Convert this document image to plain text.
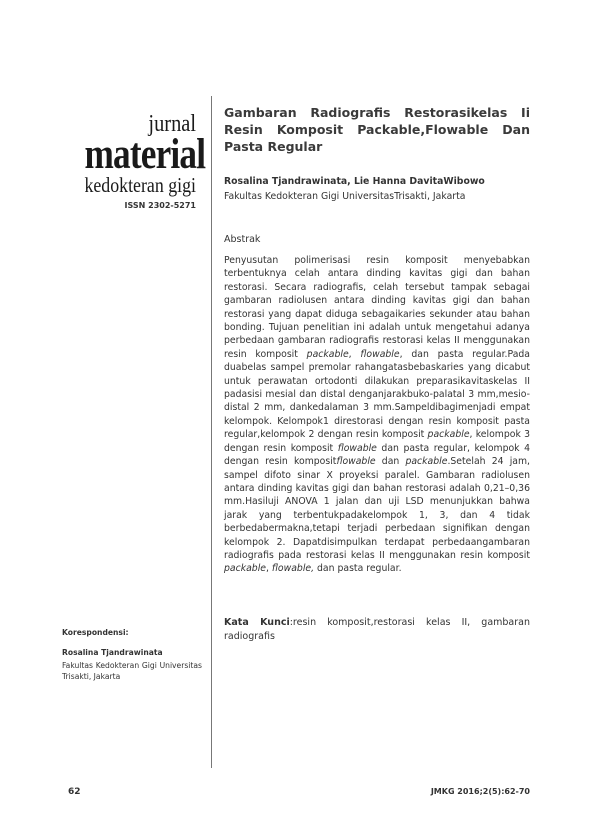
jurnal
material
kedokteran gigi
ISSN 2302-5271
Gambaran Radiografis Restorasikelas Ii Resin Komposit Packable,Flowable Dan Pasta Regular
Rosalina Tjandrawinata, Lie Hanna DavitaWibowo
Fakultas Kedokteran Gigi UniversitasTrisakti, Jakarta
Abstrak
Penyusutan polimerisasi resin komposit menyebabkan terbentuknya celah antara dinding kavitas gigi dan bahan restorasi. Secara radiografis, celah tersebut tampak sebagai gambaran radiolusen antara dinding kavitas gigi dan bahan restorasi yang dapat diduga sebagaikaries sekunder atau bahan bonding. Tujuan penelitian ini adalah untuk mengetahui adanya perbedaan gambaran radiografis restorasi kelas II menggunakan resin komposit packable, flowable, dan pasta regular.Pada duabelas sampel premolar rahangatasbebaskaries yang dicabut untuk perawatan ortodonti dilakukan preparasikavitaskelas II padasisi mesial dan distal denganjarakbuko-palatal 3 mm,mesio-distal 2 mm, dankedalaman 3 mm.Sampeldibagimenjadi empat kelompok. Kelompok1 direstorasi dengan resin komposit pasta regular,kelompok 2 dengan resin komposit packable, kelompok 3 dengan resin komposit flowable dan pasta regular, kelompok 4 dengan resin kompositflowable dan packable.Setelah 24 jam, sampel difoto sinar X proyeksi paralel. Gambaran radiolusen antara dinding kavitas gigi dan bahan restorasi adalah 0,21–0,36 mm.Hasiluji ANOVA 1 jalan dan uji LSD menunjukkan bahwa jarak yang terbentukpadakelompok 1, 3, dan 4 tidak berbedabermakna,tetapi terjadi perbedaan signifikan dengan kelompok 2. Dapatdisimpulkan terdapat perbedaangambaran radiografis pada restorasi kelas II menggunakan resin komposit packable, flowable, dan pasta regular.
Kata Kunci:resin komposit,restorasi kelas II, gambaran radiografis
Korespondensi:
Rosalina Tjandrawinata
Fakultas Kedokteran Gigi Universitas Trisakti, Jakarta
62	JMKG 2016;2(5):62-70
